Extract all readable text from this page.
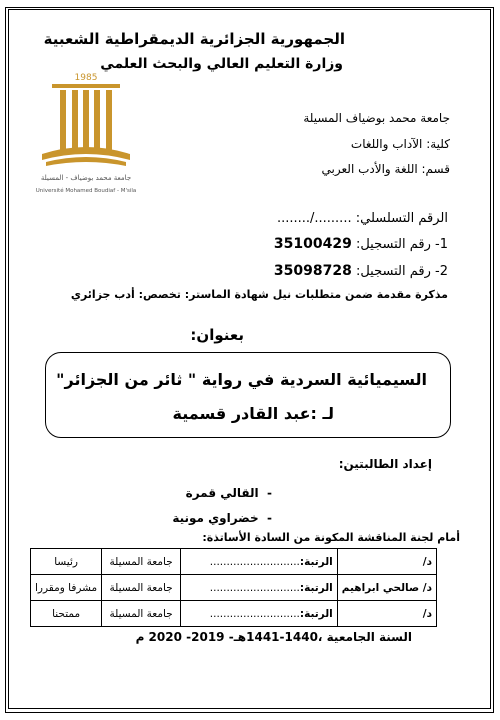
الجمهورية الجزائرية الديمقراطية الشعبية
وزارة التعليم العالي والبحث العلمي
جامعة محمد بوضياف المسيلة
كلية: الآداب واللغات
قسم: اللغة والأدب العربي
1985
جامعة محمد بوضياف - المسيلة
Université Mohamed Boudiaf - M'sila
الرقم التسلسلي: ........./........
1- رقم التسجيل: 35100429
2- رقم التسجيل: 35098728
مذكرة مقدمة ضمن متطلبات نيل شهادة الماستر: تخصص: أدب جزائري
بعنوان:
السيميائية السردية في رواية " ثائر من الجزائر"
لـ :عبد القادر قسمية
إعداد الطالبتين:
-  القالي قمرة
-  خضراوي مونية
أمام لجنة المناقشة المكونة من السادة الأساتذة:
د/	الرتبة:...........................	جامعة المسيلة	رئيسا
د/ صالحي ابراهيم	الرتبة:...........................	جامعة المسيلة	مشرفا ومقررا
د/	الرتبة:...........................	جامعة المسيلة	ممتحنا
السنة الجامعية ،1440-1441هـ- 2019- 2020 م
